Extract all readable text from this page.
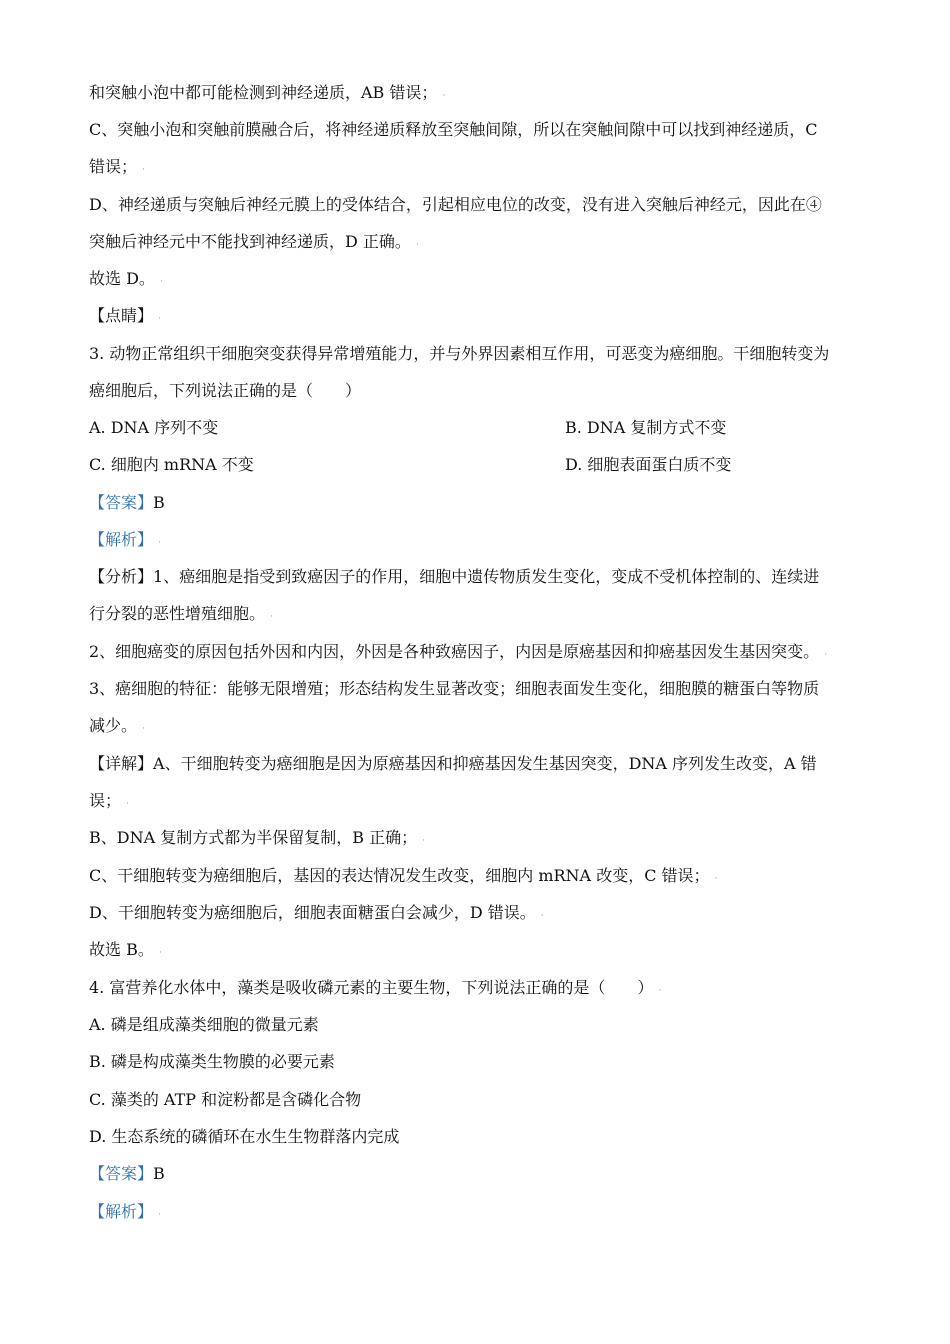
和突触小泡中都可能检测到神经递质，AB 错误； ·
C、突触小泡和突触前膜融合后，将神经递质释放至突触间隙，所以在突触间隙中可以找到神经递质，C
错误； ·
D、神经递质与突触后神经元膜上的受体结合，引起相应电位的改变，没有进入突触后神经元，因此在④
突触后神经元中不能找到神经递质，D 正确。 ·
故选 D。 ·
【点睛】 ·
3. 动物正常组织干细胞突变获得异常增殖能力，并与外界因素相互作用，可恶变为癌细胞。干细胞转变为
癌细胞后，下列说法正确的是（　　）
A. DNA 序列不变	B. DNA 复制方式不变
C. 细胞内 mRNA 不变	D. 细胞表面蛋白质不变
【答案】B
【解析】 ·
【分析】1、癌细胞是指受到致癌因子的作用，细胞中遗传物质发生变化，变成不受机体控制的、连续进
行分裂的恶性增殖细胞。 ·
2、细胞癌变的原因包括外因和内因，外因是各种致癌因子，内因是原癌基因和抑癌基因发生基因突变。 ·
3、癌细胞的特征：能够无限增殖；形态结构发生显著改变；细胞表面发生变化，细胞膜的糖蛋白等物质
减少。 ·
【详解】A、干细胞转变为癌细胞是因为原癌基因和抑癌基因发生基因突变，DNA 序列发生改变，A 错
误； ·
B、DNA 复制方式都为半保留复制，B 正确； ·
C、干细胞转变为癌细胞后，基因的表达情况发生改变，细胞内 mRNA 改变，C 错误； ·
D、干细胞转变为癌细胞后，细胞表面糖蛋白会减少，D 错误。 ·
故选 B。 ·
4. 富营养化水体中，藻类是吸收磷元素的主要生物，下列说法正确的是（　　） ·
A. 磷是组成藻类细胞的微量元素
B. 磷是构成藻类生物膜的必要元素
C. 藻类的 ATP 和淀粉都是含磷化合物
D. 生态系统的磷循环在水生生物群落内完成
【答案】B
【解析】 ·
